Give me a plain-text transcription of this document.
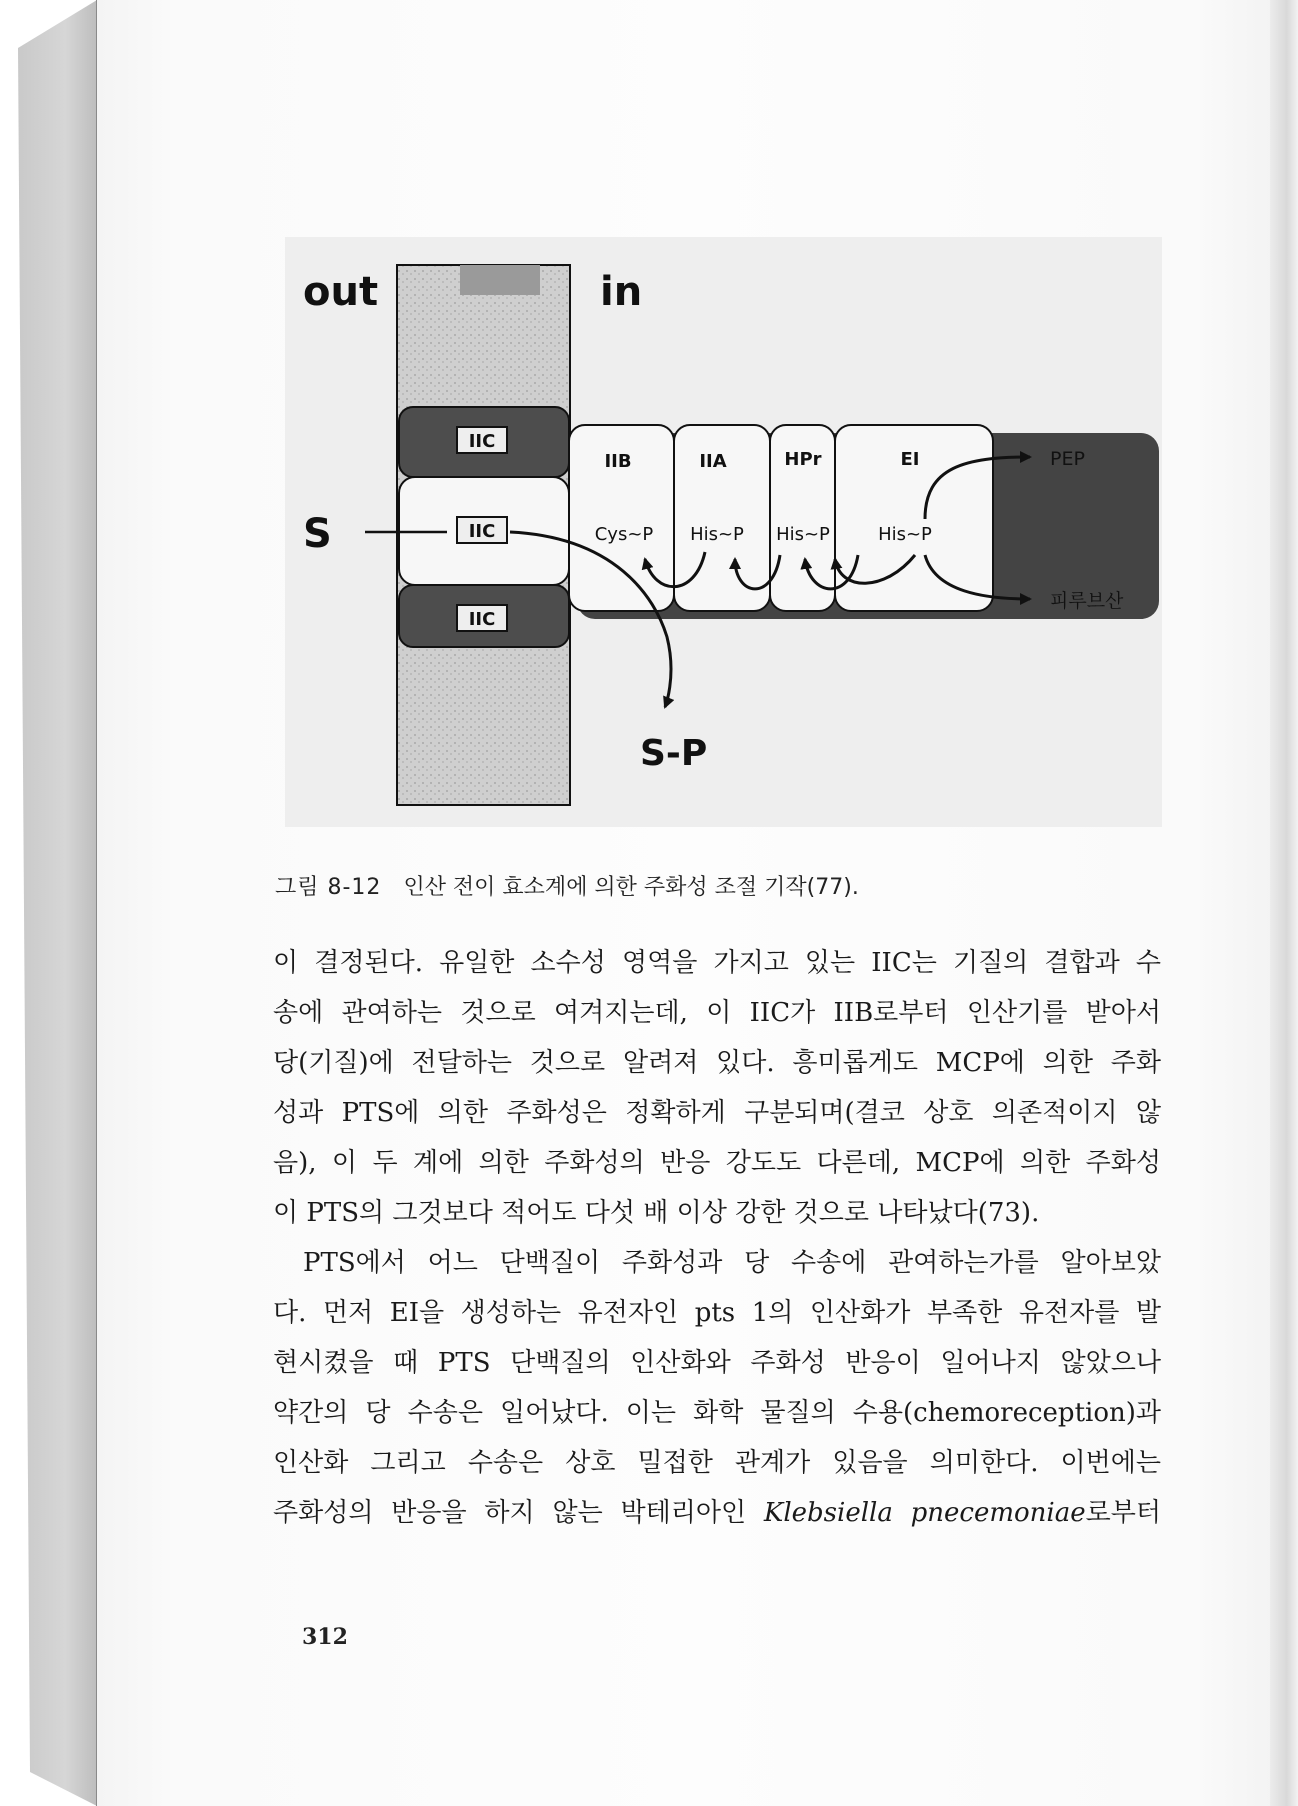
IIC
IIC
IIC
out	in
IIB	IIA	HPr	EI
Cys~P His~P His~P	His~P
S
PEP
피루브산
S-P
그림 8-12 인산 전이 효소계에 의한 주화성 조절 기작(77).
이 결정된다. 유일한 소수성 영역을 가지고 있는 IIC는 기질의 결합과 수
송에 관여하는 것으로 여겨지는데, 이 IIC가 IIB로부터 인산기를 받아서
당(기질)에 전달하는 것으로 알려져 있다. 흥미롭게도 MCP에 의한 주화
성과 PTS에 의한 주화성은 정확하게 구분되며(결코 상호 의존적이지 않
음), 이 두 계에 의한 주화성의 반응 강도도 다른데, MCP에 의한 주화성
이 PTS의 그것보다 적어도 다섯 배 이상 강한 것으로 나타났다(73).
PTS에서 어느 단백질이 주화성과 당 수송에 관여하는가를 알아보았
다. 먼저 EI을 생성하는 유전자인 pts 1의 인산화가 부족한 유전자를 발
현시켰을 때 PTS 단백질의 인산화와 주화성 반응이 일어나지 않았으나
약간의 당 수송은 일어났다. 이는 화학 물질의 수용(chemoreception)과
인산화 그리고 수송은 상호 밀접한 관계가 있음을 의미한다. 이번에는
주화성의 반응을 하지 않는 박테리아인 Klebsiella pnecemoniae로부터
312
